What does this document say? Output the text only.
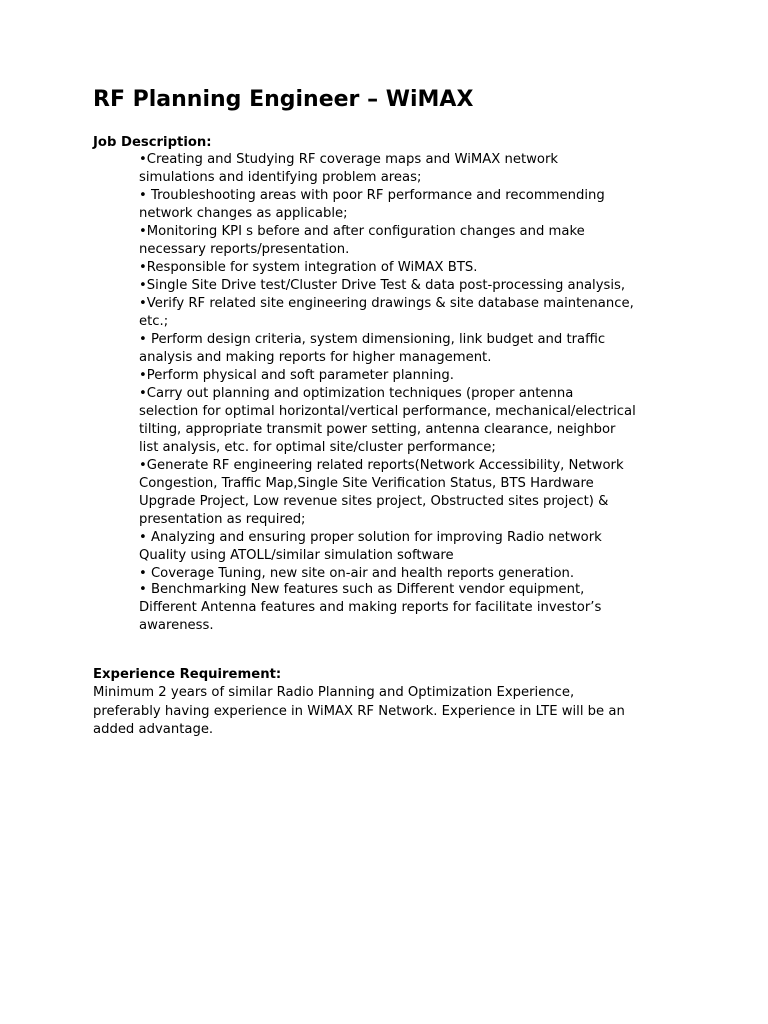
RF Planning Engineer – WiMAX

Job Description:

•Creating and Studying RF coverage maps and WiMAX network
simulations and identifying problem areas;
• Troubleshooting areas with poor RF performance and recommending
network changes as applicable;
•Monitoring KPI s before and after configuration changes and make
necessary reports/presentation.
•Responsible for system integration of WiMAX BTS.
•Single Site Drive test/Cluster Drive Test & data post-processing analysis,
•Verify RF related site engineering drawings & site database maintenance,
etc.;
• Perform design criteria, system dimensioning, link budget and traffic
analysis and making reports for higher management.
•Perform physical and soft parameter planning.
•Carry out planning and optimization techniques (proper antenna
selection for optimal horizontal/vertical performance, mechanical/electrical
tilting, appropriate transmit power setting, antenna clearance, neighbor
list analysis, etc. for optimal site/cluster performance;
•Generate RF engineering related reports(Network Accessibility, Network
Congestion, Traffic Map,Single Site Verification Status, BTS Hardware
Upgrade Project, Low revenue sites project, Obstructed sites project) &
presentation as required;
• Analyzing and ensuring proper solution for improving Radio network
Quality using ATOLL/similar simulation software
• Coverage Tuning, new site on-air and health reports generation.
• Benchmarking New features such as Different vendor equipment,
Different Antenna features and making reports for facilitate investor’s
awareness.

Experience Requirement:

Minimum 2 years of similar Radio Planning and Optimization Experience,
preferably having experience in WiMAX RF Network. Experience in LTE will be an
added advantage.
